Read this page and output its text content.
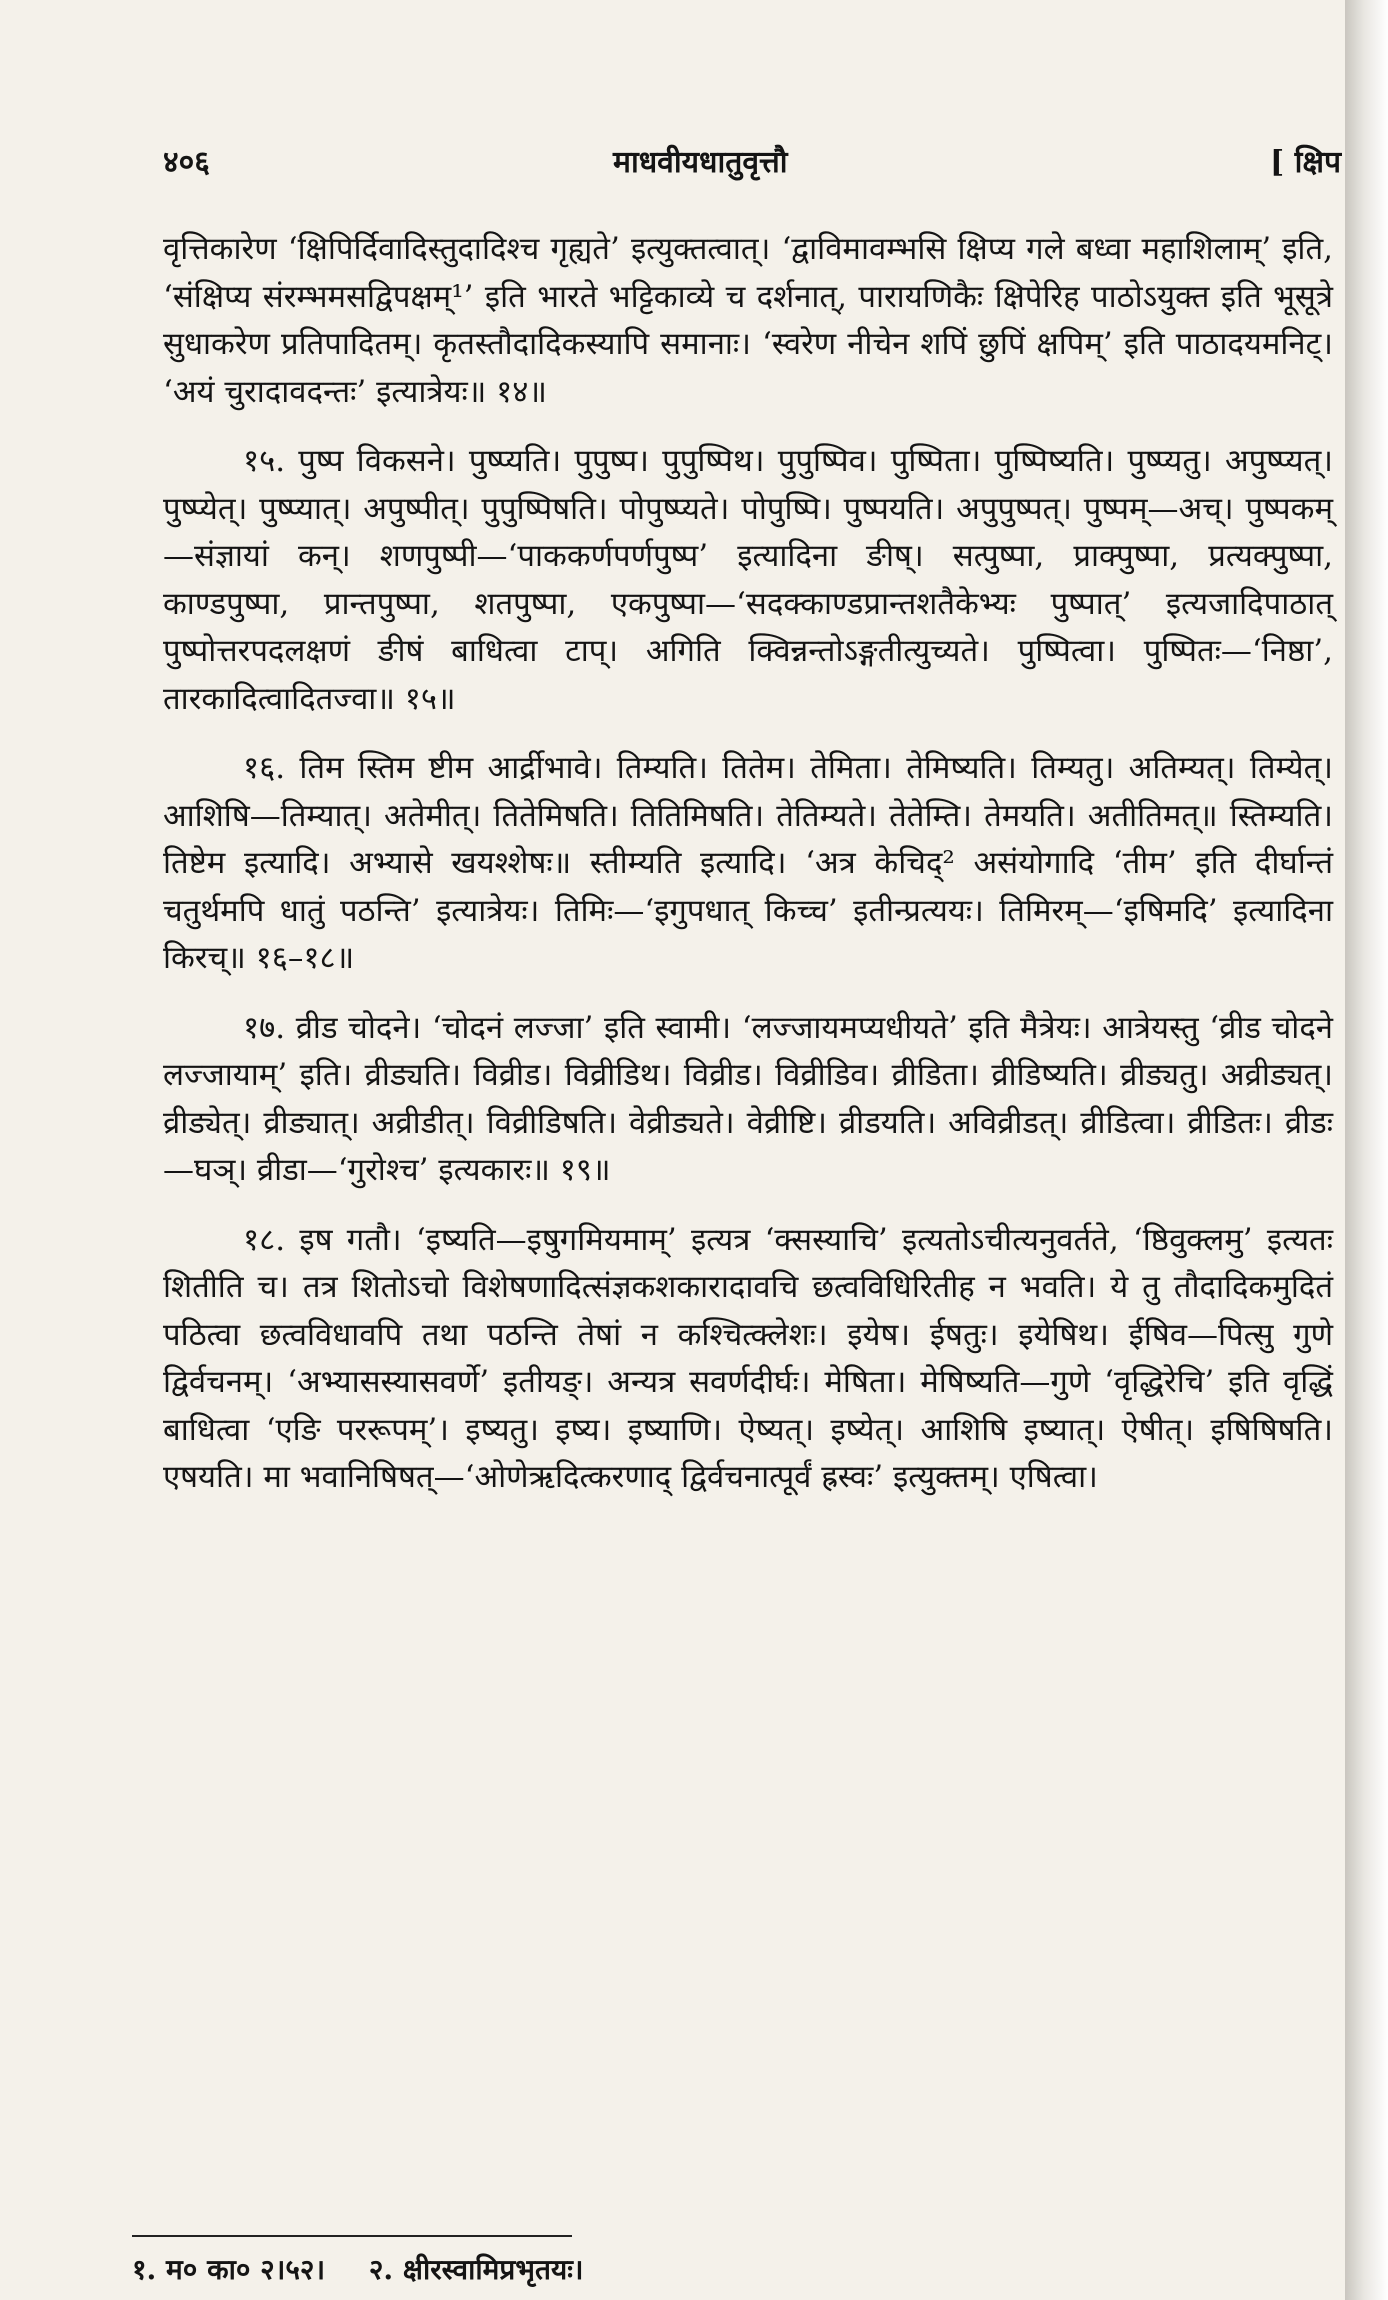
४०६	माधवीयधातुवृत्तौ	[ क्षिप

वृत्तिकारेण ‘क्षिपिर्दिवादिस्तुदादिश्च गृह्यते’ इत्युक्तत्वात्। ‘द्वाविमावम्भसि क्षिप्य गले बध्वा महाशिलाम्’ इति, ‘संक्षिप्य संरम्भमसद्विपक्षम्¹’ इति भारते भट्टिकाव्ये च दर्शनात्, पारायणिकैः क्षिपेरिह पाठोऽयुक्त इति भूसूत्रे सुधाकरेण प्रतिपादितम्। कृतस्तौदादिकस्यापि समानाः। ‘स्वरेण नीचेन शपिं छुपिं क्षपिम्’ इति पाठादयमनिट्। ‘अयं चुरादावदन्तः’ इत्यात्रेयः॥ १४॥

१५. पुष्प विकसने। पुष्प्यति। पुपुष्प। पुपुष्पिथ। पुपुष्पिव। पुष्पिता। पुष्पिष्यति। पुष्प्यतु। अपुष्प्यत्। पुष्प्येत्। पुष्प्यात्। अपुष्पीत्। पुपुष्पिषति। पोपुष्प्यते। पोपुष्पि। पुष्पयति। अपुपुष्पत्। पुष्पम्—अच्। पुष्पकम्—संज्ञायां कन्। शणपुष्पी—‘पाककर्णपर्णपुष्प’ इत्यादिना ङीष्। सत्पुष्पा, प्राक्पुष्पा, प्रत्यक्पुष्पा, काण्डपुष्पा, प्रान्तपुष्पा, शतपुष्पा, एकपुष्पा—‘सदक्काण्डप्रान्तशतैकेभ्यः पुष्पात्’ इत्यजादिपाठात् पुष्पोत्तरपदलक्षणं ङीषं बाधित्वा टाप्। अगिति क्विन्नन्तोऽङ्गतीत्युच्यते। पुष्पित्वा। पुष्पितः—‘निष्ठा’, तारकादित्वादितज्वा॥ १५॥

१६. तिम स्तिम ष्टीम आर्द्रीभावे। तिम्यति। तितेम। तेमिता। तेमिष्यति। तिम्यतु। अतिम्यत्। तिम्येत्। आशिषि—तिम्यात्। अतेमीत्। तितेमिषति। तितिमिषति। तेतिम्यते। तेतेम्ति। तेमयति। अतीतिमत्॥ स्तिम्यति। तिष्टेम इत्यादि। अभ्यासे खयश्शेषः॥ स्तीम्यति इत्यादि। ‘अत्र केचिद्² असंयोगादि ‘तीम’ इति दीर्घान्तं चतुर्थमपि धातुं पठन्ति’ इत्यात्रेयः। तिमिः—‘इगुपधात् किच्च’ इतीन्प्रत्ययः। तिमिरम्—‘इषिमदि’ इत्यादिना किरच्॥ १६–१८॥

१७. व्रीड चोदने। ‘चोदनं लज्जा’ इति स्वामी। ‘लज्जायमप्यधीयते’ इति मैत्रेयः। आत्रेयस्तु ‘व्रीड चोदने लज्जायाम्’ इति। व्रीड्यति। विव्रीड। विव्रीडिथ। विव्रीड। विव्रीडिव। व्रीडिता। व्रीडिष्यति। व्रीड्यतु। अव्रीड्यत्। व्रीड्येत्। व्रीड्यात्। अव्रीडीत्। विव्रीडिषति। वेव्रीड्यते। वेव्रीष्टि। व्रीडयति। अविव्रीडत्। व्रीडित्वा। व्रीडितः। व्रीडः—घञ्। व्रीडा—‘गुरोश्च’ इत्यकारः॥ १९॥

१८. इष गतौ। ‘इष्यति—इषुगमियमाम्’ इत्यत्र ‘क्सस्याचि’ इत्यतोऽचीत्यनुवर्तते, ‘ष्ठिवुक्लमु’ इत्यतः शितीति च। तत्र शितोऽचो विशेषणादित्संज्ञकशकारादावचि छत्वविधिरितीह न भवति। ये तु तौदादिकमुदितं पठित्वा छत्वविधावपि तथा पठन्ति तेषां न कश्चित्क्लेशः। इयेष। ईषतुः। इयेषिथ। ईषिव—पित्सु गुणे द्विर्वचनम्। ‘अभ्यासस्यासवर्णे’ इतीयङ्। अन्यत्र सवर्णदीर्घः। मेषिता। मेषिष्यति—गुणे ‘वृद्धिरेचि’ इति वृद्धिं बाधित्वा ‘एङि पररूपम्’। इष्यतु। इष्य। इष्याणि। ऐष्यत्। इष्येत्। आशिषि इष्यात्। ऐषीत्। इषिषिषति। एषयति। मा भवानिषिषत्—‘ओणेऋदित्करणाद् द्विर्वचनात्पूर्वं ह्रस्वः’ इत्युक्तम्। एषित्वा।

१. म० का० २।५२। २. क्षीरस्वामिप्रभृतयः।
